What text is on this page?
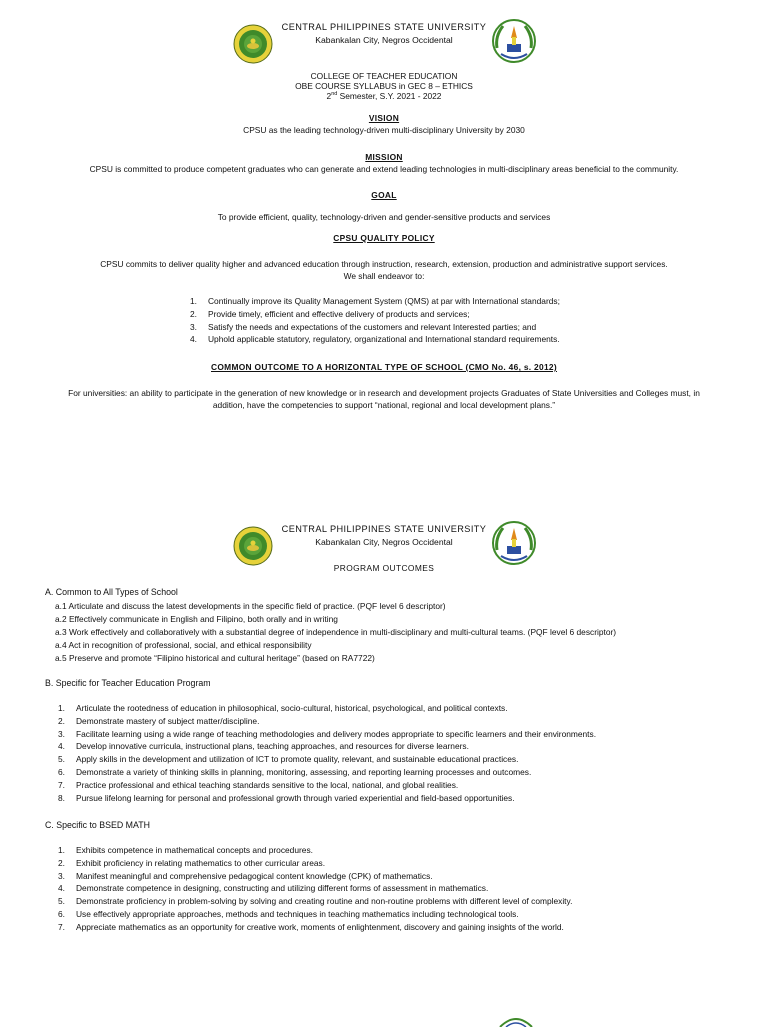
CENTRAL PHILIPPINES STATE UNIVERSITY
Kabankalan City, Negros Occidental
COLLEGE OF TEACHER EDUCATION
OBE COURSE SYLLABUS in GEC 8 – ETHICS
2nd Semester, S.Y. 2021 - 2022
VISION
CPSU as the leading technology-driven multi-disciplinary University by 2030
MISSION
CPSU is committed to produce competent graduates who can generate and extend leading technologies in multi-disciplinary areas beneficial to the community.
GOAL
To provide efficient, quality, technology-driven and gender-sensitive products and services
CPSU QUALITY POLICY
CPSU commits to deliver quality higher and advanced education through instruction, research, extension, production and administrative support services.
We shall endeavor to:
1.	Continually improve its Quality Management System (QMS) at par with International standards;
2.	Provide timely, efficient and effective delivery of products and services;
3.	Satisfy the needs and expectations of the customers and relevant Interested parties; and
4.	Uphold applicable statutory, regulatory, organizational and International standard requirements.
COMMON OUTCOME TO A HORIZONTAL TYPE OF SCHOOL (CMO No. 46, s. 2012)
For universities: an ability to participate in the generation of new knowledge or in research and development projects Graduates of State Universities and Colleges must, in
addition, have the competencies to support “national, regional and local development plans.”
CENTRAL PHILIPPINES STATE UNIVERSITY
Kabankalan City, Negros Occidental
PROGRAM OUTCOMES
A. Common to All Types of School
a.1 Articulate and discuss the latest developments in the specific field of practice. (PQF level 6 descriptor)
a.2 Effectively communicate in English and Filipino, both orally and in writing
a.3 Work effectively and collaboratively with a substantial degree of independence in multi-disciplinary and multi-cultural teams. (PQF level 6 descriptor)
a.4 Act in recognition of professional, social, and ethical responsibility
a.5 Preserve and promote “Filipino historical and cultural heritage” (based on RA7722)
B. Specific for Teacher Education Program
1.	Articulate the rootedness of education in philosophical, socio-cultural, historical, psychological, and political contexts.
2.	Demonstrate mastery of subject matter/discipline.
3.	Facilitate learning using a wide range of teaching methodologies and delivery modes appropriate to specific learners and their environments.
4.	Develop innovative curricula, instructional plans, teaching approaches, and resources for diverse learners.
5.	Apply skills in the development and utilization of ICT to promote quality, relevant, and sustainable educational practices.
6.	Demonstrate a variety of thinking skills in planning, monitoring, assessing, and reporting learning processes and outcomes.
7.	Practice professional and ethical teaching standards sensitive to the local, national, and global realities.
8.	Pursue lifelong learning for personal and professional growth through varied experiential and field-based opportunities.
C. Specific to BSED MATH
1.	Exhibits competence in mathematical concepts and procedures.
2.	Exhibit proficiency in relating mathematics to other curricular areas.
3.	Manifest meaningful and comprehensive pedagogical content knowledge (CPK) of mathematics.
4.	Demonstrate competence in designing, constructing and utilizing different forms of assessment in mathematics.
5.	Demonstrate proficiency in problem-solving by solving and creating routine and non-routine problems with different level of complexity.
6.	Use effectively appropriate approaches, methods and techniques in teaching mathematics including technological tools.
7.	Appreciate mathematics as an opportunity for creative work, moments of enlightenment, discovery and gaining insights of the world.
